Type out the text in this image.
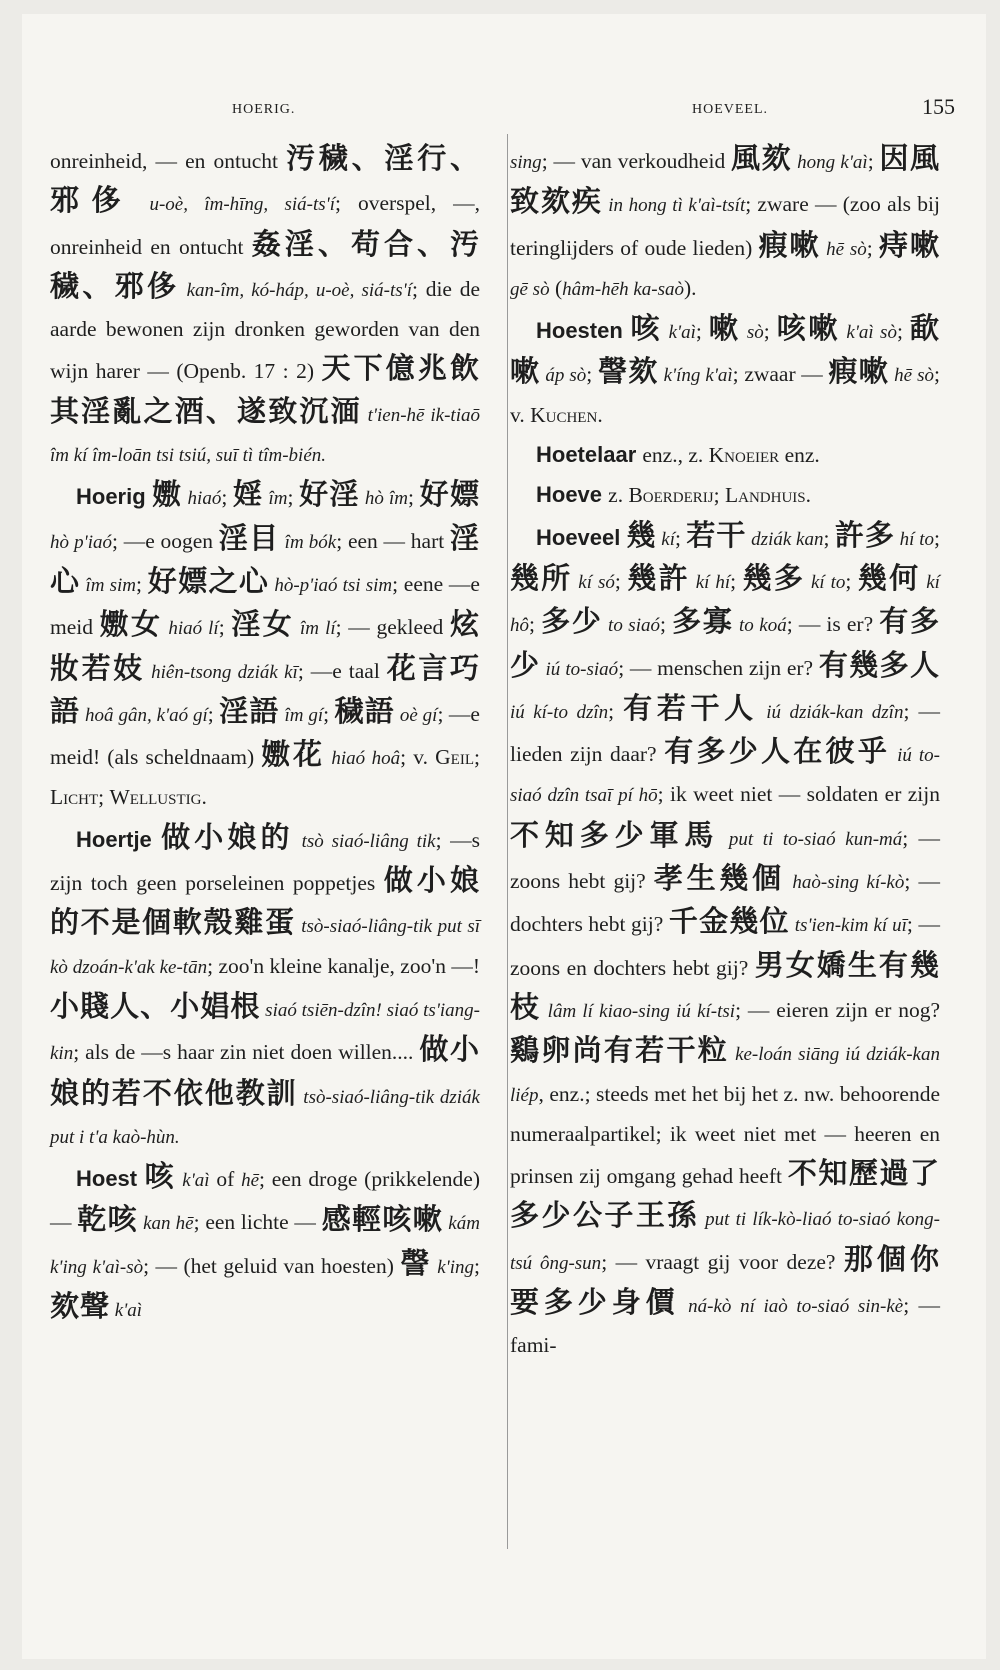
HOERIG.	HOEVEEL.	155

onreinheid, — en ontucht 汚穢、淫行、邪侈 u-oè, îm-hīng, siá-ts'í; overspel, —, onreinheid en ontucht 姦淫、苟合、汚穢、邪侈 kan-îm, kó-háp, u-oè, siá-ts'í; die de aarde bewonen zijn dronken geworden van den wijn harer — (Openb. 17 : 2) 天下億兆飲其淫亂之酒、遂致沉湎 t'ien-hē ik-tiaō îm kí îm-loān tsi tsiú, suī tì tîm-bién.

Hoerig 嫐 hiaó; 婬 îm; 好淫 hò îm; 好嫖 hò p'iaó; —e oogen 淫目 îm bók; een — hart 淫心 îm sim; 好嫖之心 hò-p'iaó tsi sim; eene —e meid 嫐女 hiaó lí; 淫女 îm lí; — gekleed 炫妝若妓 hiên-tsong dziák kī; —e taal 花言巧語 hoâ gân, k'aó gí; 淫語 îm gí; 穢語 oè gí; —e meid! (als scheldnaam) 嫐花 hiaó hoâ; v. Geil; Licht; Wellustig.

Hoertje 做小娘的 tsò siaó-liâng tik; —s zijn toch geen porseleinen poppetjes 做小娘的不是個軟殼雞蛋 tsò-siaó-liâng-tik put sī kò dzoán-k'ak ke-tān; zoo'n kleine kanalje, zoo'n —! 小賤人、小娼根 siaó tsiēn-dzîn! siaó ts'iang-kin; als de —s haar zin niet doen willen.... 做小娘的若不依他教訓 tsò-siaó-liâng-tik dziák put i t'a kaò-hùn.

Hoest 咳 k'aì of hē; een droge (prikkelende) — 乾咳 kan hē; een lichte — 感輕咳嗽 kám k'ing k'aì-sò; — (het geluid van hoesten) 謦 k'ing; 欬聲 k'aì

sing; — van verkoudheid 風欬 hong k'aì; 因風致欬疾 in hong tì k'aì-tsít; zware — (zoo als bij teringlijders of oude lieden) 瘕嗽 hē sò; 痔嗽 gē sò (hâm-hēh ka-saò).

Hoesten 咳 k'aì; 嗽 sò; 咳嗽 k'aì sò; 歃嗽 áp sò; 謦欬 k'íng k'aì; zwaar — 瘕嗽 hē sò; v. Kuchen.

Hoetelaar enz., z. Knoeier enz.

Hoeve z. Boerderij; Landhuis.

Hoeveel 幾 kí; 若干 dziák kan; 許多 hí to; 幾所 kí só; 幾許 kí hí; 幾多 kí to; 幾何 kí hô; 多少 to siaó; 多寡 to koá; — is er? 有多少 iú to-siaó; — menschen zijn er? 有幾多人 iú kí-to dzîn; 有若干人 iú dziák-kan dzîn; — lieden zijn daar? 有多少人在彼乎 iú to-siaó dzîn tsaī pí hō; ik weet niet — soldaten er zijn 不知多少軍馬 put ti to-siaó kun-má; — zoons hebt gij? 孝生幾個 haò-sing kí-kò; — dochters hebt gij? 千金幾位 ts'ien-kim kí uī; — zoons en dochters hebt gij? 男女嬌生有幾枝 lâm lí kiao-sing iú kí-tsi; — eieren zijn er nog? 鷄卵尚有若干粒 ke-loán siāng iú dziák-kan liép, enz.; steeds met het bij het z. nw. behoorende numeraalpartikel; ik weet niet met — heeren en prinsen zij omgang gehad heeft 不知歷過了多少公子王孫 put ti lík-kò-liaó to-siaó kong-tsú ông-sun; — vraagt gij voor deze? 那個你要多少身價 ná-kò ní iaò to-siaó sin-kè; — fami-
